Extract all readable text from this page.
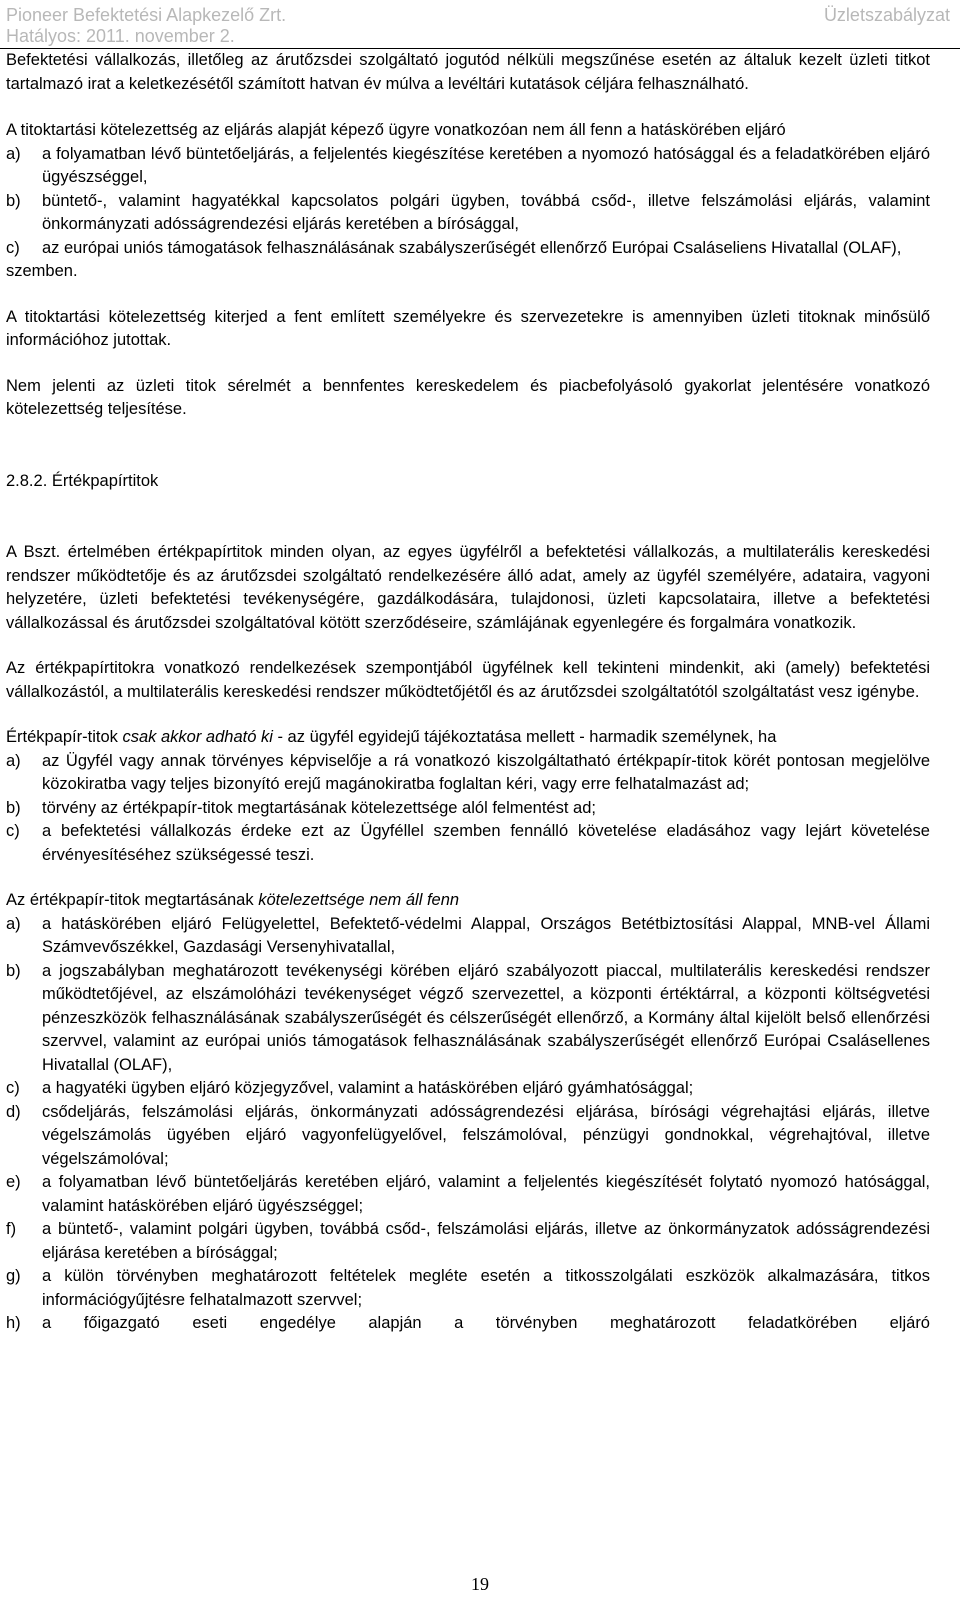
Pioneer Befektetési Alapkezelő Zrt.
Hatályos: 2011. november 2.
Üzletszabályzat

Befektetési vállalkozás, illetőleg az árutőzsdei szolgáltató jogutód nélküli megszűnése esetén az általuk kezelt üzleti titkot tartalmazó irat a keletkezésétől számított hatvan év múlva a levéltári kutatások céljára felhasználható.

A titoktartási kötelezettség az eljárás alapját képező ügyre vonatkozóan nem áll fenn a hatáskörében eljáró

a)	a folyamatban lévő büntetőeljárás, a feljelentés kiegészítése keretében a nyomozó hatósággal és a feladatkörében eljáró ügyészséggel,
b)	büntető-, valamint hagyatékkal kapcsolatos polgári ügyben, továbbá csőd-, illetve felszámolási eljárás, valamint önkormányzati adósságrendezési eljárás keretében a bírósággal,
c)	az európai uniós támogatások felhasználásának szabályszerűségét ellenőrző Európai Csaláseliens Hivatallal (OLAF),

szemben.

A titoktartási kötelezettség kiterjed a fent említett személyekre és szervezetekre is amennyiben üzleti titoknak minősülő információhoz jutottak.

Nem jelenti az üzleti titok sérelmét a bennfentes kereskedelem és piacbefolyásoló gyakorlat jelentésére vonatkozó kötelezettség teljesítése.

2.8.2. Értékpapírtitok

A Bszt. értelmében értékpapírtitok minden olyan, az egyes ügyfélről a befektetési vállalkozás, a multilaterális kereskedési rendszer működtetője és az árutőzsdei szolgáltató rendelkezésére álló adat, amely az ügyfél személyére, adataira, vagyoni helyzetére, üzleti befektetési tevékenységére, gazdálkodására, tulajdonosi, üzleti kapcsolataira, illetve a befektetési vállalkozással és árutőzsdei szolgáltatóval kötött szerződéseire, számlájának egyenlegére és forgalmára vonatkozik.

Az értékpapírtitokra vonatkozó rendelkezések szempontjából ügyfélnek kell tekinteni mindenkit, aki (amely) befektetési vállalkozástól, a multilaterális kereskedési rendszer működtetőjétől és az árutőzsdei szolgáltatótól szolgáltatást vesz igénybe.

Értékpapír-titok csak akkor adható ki - az ügyfél egyidejű tájékoztatása mellett - harmadik személynek, ha

a)	az Ügyfél vagy annak törvényes képviselője a rá vonatkozó kiszolgáltatható értékpapír-titok körét pontosan megjelölve közokiratba vagy teljes bizonyító erejű magánokiratba foglaltan kéri, vagy erre felhatalmazást ad;
b)	törvény az értékpapír-titok megtartásának kötelezettsége alól felmentést ad;
c)	a befektetési vállalkozás érdeke ezt az Ügyféllel szemben fennálló követelése eladásához vagy lejárt követelése érvényesítéséhez szükségessé teszi.

Az értékpapír-titok megtartásának kötelezettsége nem áll fenn

a)	a hatáskörében eljáró Felügyelettel, Befektető-védelmi Alappal, Országos Betétbiztosítási Alappal, MNB-vel Állami Számvevőszékkel, Gazdasági Versenyhivatallal,
b)	a jogszabályban meghatározott tevékenységi körében eljáró szabályozott piaccal, multilaterális kereskedési rendszer működtetőjével, az elszámolóházi tevékenységet végző szervezettel, a központi értéktárral, a központi költségvetési pénzeszközök felhasználásának szabályszerűségét és célszerűségét ellenőrző, a Kormány által kijelölt belső ellenőrzési szervvel, valamint az európai uniós támogatások felhasználásának szabályszerűségét ellenőrző Európai Csalásellenes Hivatallal (OLAF),
c)	a hagyatéki ügyben eljáró közjegyzővel, valamint a hatáskörében eljáró gyámhatósággal;
d)	csődeljárás, felszámolási eljárás, önkormányzati adósságrendezési eljárása, bírósági végrehajtási eljárás, illetve végelszámolás ügyében eljáró vagyonfelügyelővel, felszámolóval, pénzügyi gondnokkal, végrehajtóval, illetve végelszámolóval;
e)	a folyamatban lévő büntetőeljárás keretében eljáró, valamint a feljelentés kiegészítését folytató nyomozó hatósággal, valamint hatáskörében eljáró ügyészséggel;
f)	a büntető-, valamint polgári ügyben, továbbá csőd-, felszámolási eljárás, illetve az önkormányzatok adósságrendezési eljárása keretében a bírósággal;
g)	a külön törvényben meghatározott feltételek megléte esetén a titkosszolgálati eszközök alkalmazására, titkos információgyűjtésre felhatalmazott szervvel;
h)	a főigazgató eseti engedélye alapján a törvényben meghatározott feladatkörében eljáró
19
